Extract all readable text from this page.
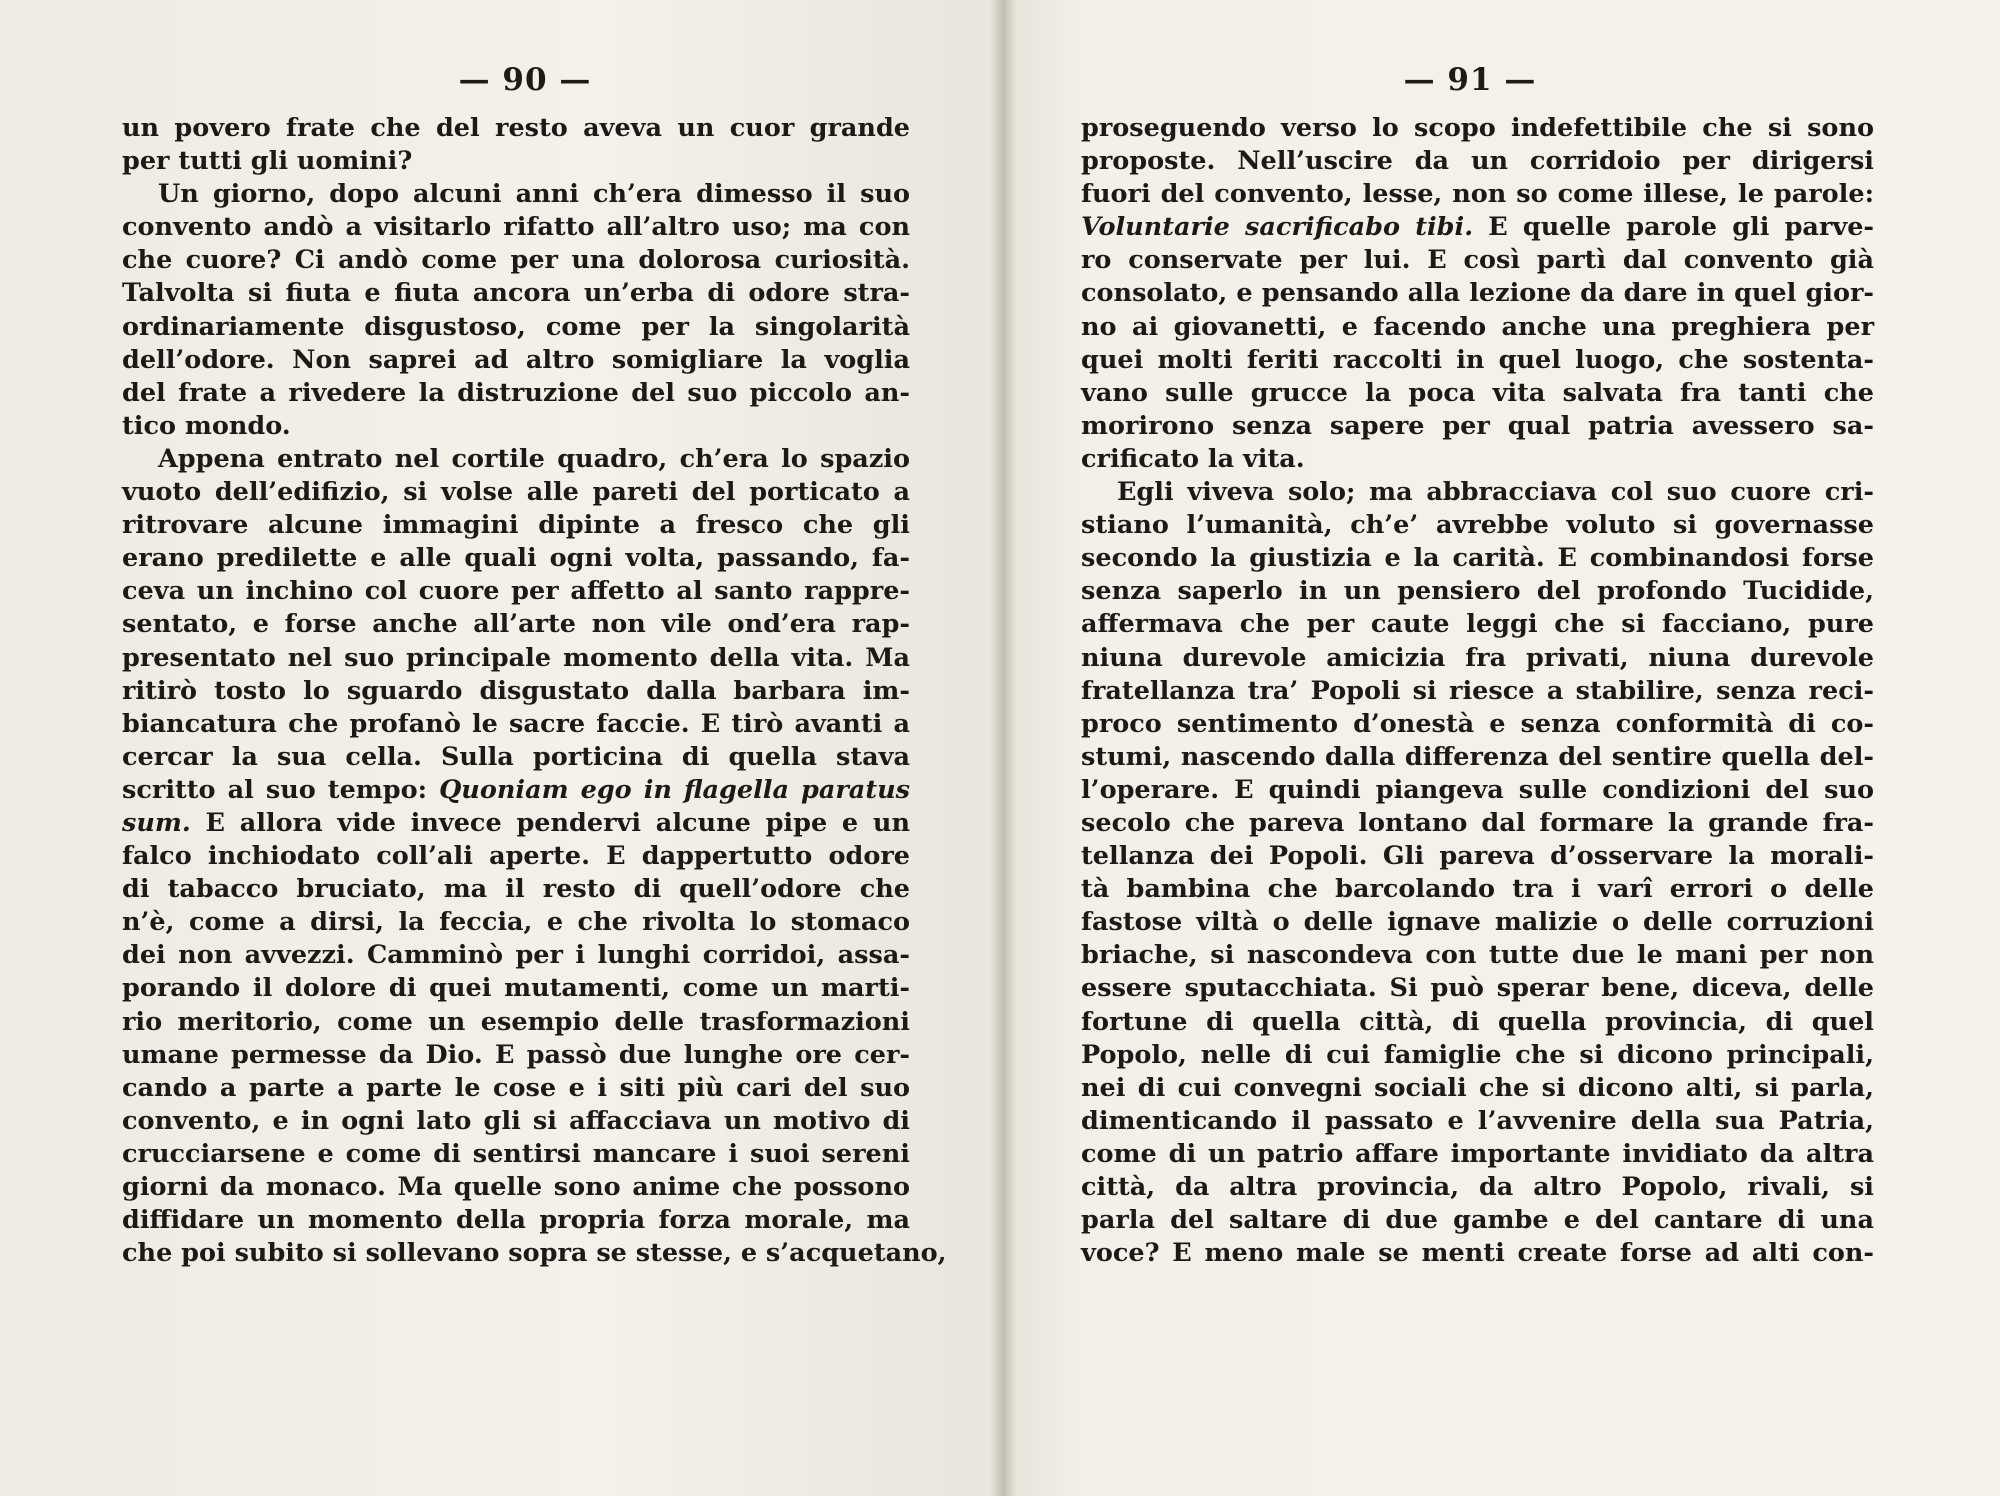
— 90 —
un povero frate che del resto aveva un cuor grande
per tutti gli uomini?
Un giorno, dopo alcuni anni ch’era dimesso il suo
convento andò a visitarlo rifatto all’altro uso; ma con
che cuore? Ci andò come per una dolorosa curiosità.
Talvolta si fiuta e fiuta ancora un’erba di odore stra-
ordinariamente disgustoso, come per la singolarità
dell’odore. Non saprei ad altro somigliare la voglia
del frate a rivedere la distruzione del suo piccolo an-
tico mondo.
Appena entrato nel cortile quadro, ch’era lo spazio
vuoto dell’edifizio, si volse alle pareti del porticato a
ritrovare alcune immagini dipinte a fresco che gli
erano predilette e alle quali ogni volta, passando, fa-
ceva un inchino col cuore per affetto al santo rappre-
sentato, e forse anche all’arte non vile ond’era rap-
presentato nel suo principale momento della vita. Ma
ritirò tosto lo sguardo disgustato dalla barbara im-
biancatura che profanò le sacre faccie. E tirò avanti a
cercar la sua cella. Sulla porticina di quella stava
scritto al suo tempo: Quoniam ego in flagella paratus
sum. E allora vide invece pendervi alcune pipe e un
falco inchiodato coll’ali aperte. E dappertutto odore
di tabacco bruciato, ma il resto di quell’odore che
n’è, come a dirsi, la feccia, e che rivolta lo stomaco
dei non avvezzi. Camminò per i lunghi corridoi, assa-
porando il dolore di quei mutamenti, come un marti-
rio meritorio, come un esempio delle trasformazioni
umane permesse da Dio. E passò due lunghe ore cer-
cando a parte a parte le cose e i siti più cari del suo
convento, e in ogni lato gli si affacciava un motivo di
crucciarsene e come di sentirsi mancare i suoi sereni
giorni da monaco. Ma quelle sono anime che possono
diffidare un momento della propria forza morale, ma
che poi subito si sollevano sopra se stesse, e s’acquetano,
— 91 —
proseguendo verso lo scopo indefettibile che si sono
proposte. Nell’uscire da un corridoio per dirigersi
fuori del convento, lesse, non so come illese, le parole:
Voluntarie sacrificabo tibi. E quelle parole gli parve-
ro conservate per lui. E così partì dal convento già
consolato, e pensando alla lezione da dare in quel gior-
no ai giovanetti, e facendo anche una preghiera per
quei molti feriti raccolti in quel luogo, che sostenta-
vano sulle grucce la poca vita salvata fra tanti che
morirono senza sapere per qual patria avessero sa-
crificato la vita.
Egli viveva solo; ma abbracciava col suo cuore cri-
stiano l’umanità, ch’e’ avrebbe voluto si governasse
secondo la giustizia e la carità. E combinandosi forse
senza saperlo in un pensiero del profondo Tucidide,
affermava che per caute leggi che si facciano, pure
niuna durevole amicizia fra privati, niuna durevole
fratellanza tra’ Popoli si riesce a stabilire, senza reci-
proco sentimento d’onestà e senza conformità di co-
stumi, nascendo dalla differenza del sentire quella del-
l’operare. E quindi piangeva sulle condizioni del suo
secolo che pareva lontano dal formare la grande fra-
tellanza dei Popoli. Gli pareva d’osservare la morali-
tà bambina che barcolando tra i varî errori o delle
fastose viltà o delle ignave malizie o delle corruzioni
briache, si nascondeva con tutte due le mani per non
essere sputacchiata. Si può sperar bene, diceva, delle
fortune di quella città, di quella provincia, di quel
Popolo, nelle di cui famiglie che si dicono principali,
nei di cui convegni sociali che si dicono alti, si parla,
dimenticando il passato e l’avvenire della sua Patria,
come di un patrio affare importante invidiato da altra
città, da altra provincia, da altro Popolo, rivali, si
parla del saltare di due gambe e del cantare di una
voce? E meno male se menti create forse ad alti con-
